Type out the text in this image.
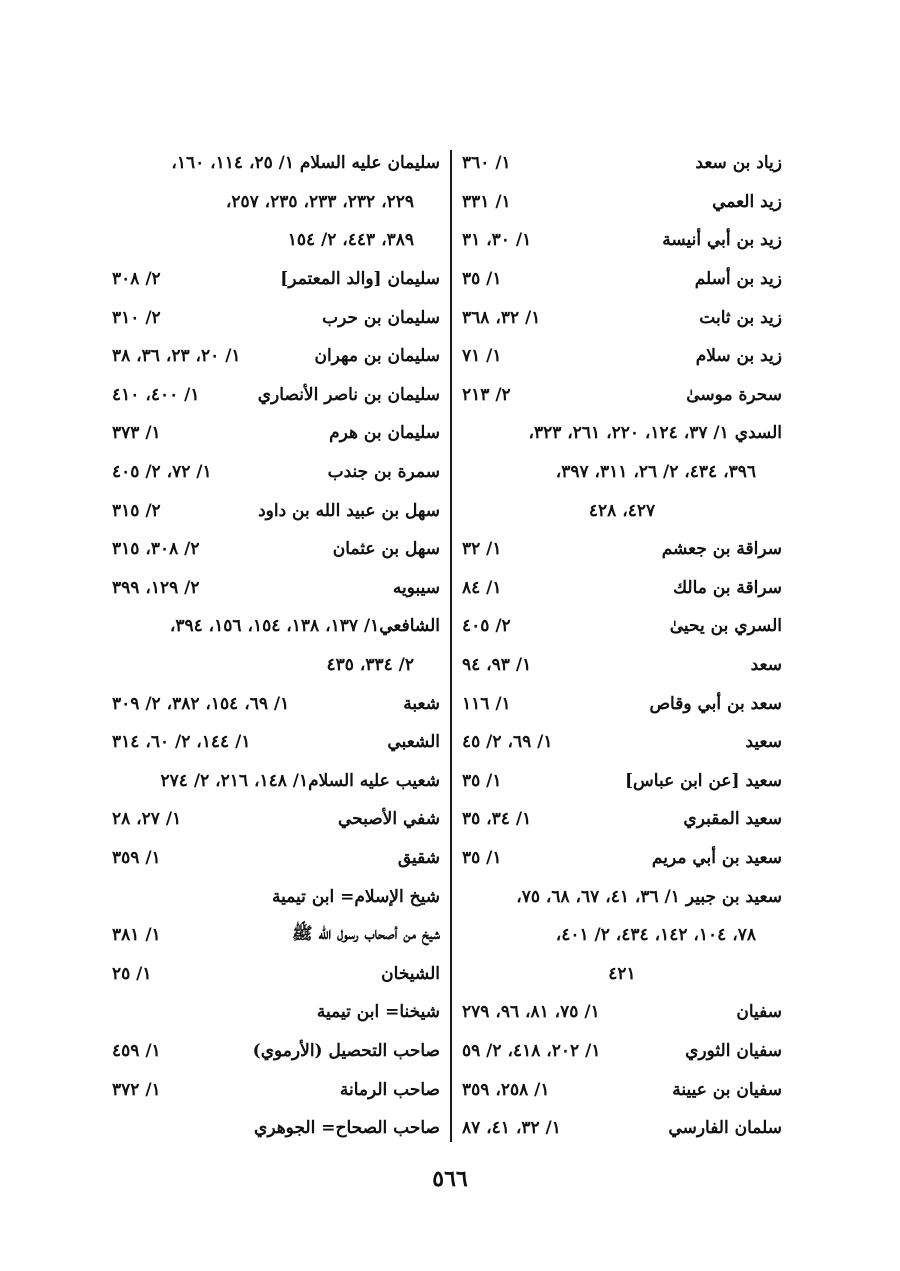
زياد بن سعد
١/ ٣٦٠
زيد العمي
١/ ٣٣١
زيد بن أبي أنيسة
١/ ٣٠، ٣١
زيد بن أسلم
١/ ٣٥
زيد بن ثابت
١/ ٣٢، ٣٦٨
زيد بن سلام
١/ ٧١
سحرة موسىٰ
٢/ ٢١٣
السدي ١/ ٣٧، ١٢٤، ٢٢٠، ٢٦١، ٣٢٣،
٣٩٦، ٤٣٤، ٢/ ٢٦، ٣١١، ٣٩٧،
٤٢٧، ٤٢٨
سراقة بن جعشم
١/ ٣٢
سراقة بن مالك
١/ ٨٤
السري بن يحيىٰ
٢/ ٤٠٥
سعد
١/ ٩٣، ٩٤
سعد بن أبي وقاص
١/ ١١٦
سعيد
١/ ٦٩، ٢/ ٤٥
سعيد [عن ابن عباس]
١/ ٣٥
سعيد المقبري
١/ ٣٤، ٣٥
سعيد بن أبي مريم
١/ ٣٥
سعيد بن جبير ١/ ٣٦، ٤١، ٦٧، ٦٨، ٧٥،
٧٨، ١٠٤، ١٤٢، ٤٣٤، ٢/ ٤٠١،
٤٢١
سفيان
١/ ٧٥، ٨١، ٩٦، ٢٧٩
سفيان الثوري
١/ ٢٠٢، ٤١٨، ٢/ ٥٩
سفيان بن عيينة
١/ ٢٥٨، ٣٥٩
سلمان الفارسي
١/ ٣٢، ٤١، ٨٧
سليمان عليه السلام ١/ ٢٥، ١١٤، ١٦٠،
٢٢٩، ٢٣٢، ٢٣٣، ٢٣٥، ٢٥٧،
٣٨٩، ٤٤٣، ٢/ ١٥٤
سليمان [والد المعتمر]
٢/ ٣٠٨
سليمان بن حرب
٢/ ٣١٠
سليمان بن مهران
١/ ٢٠، ٢٣، ٣٦، ٣٨
سليمان بن ناصر الأنصاري
١/ ٤٠٠، ٤١٠
سليمان بن هرم
١/ ٣٧٣
سمرة بن جندب
١/ ٧٢، ٢/ ٤٠٥
سهل بن عبيد الله بن داود
٢/ ٣١٥
سهل بن عثمان
٢/ ٣٠٨، ٣١٥
سيبويه
٢/ ١٢٩، ٣٩٩
الشافعي١/ ١٣٧، ١٣٨، ١٥٤، ١٥٦، ٣٩٤،
٢/ ٣٣٤، ٤٣٥
شعبة
١/ ٦٩، ١٥٤، ٣٨٢، ٢/ ٣٠٩
الشعبي
١/ ١٤٤، ٢/ ٦٠، ٣١٤
شعيب عليه السلام١/ ١٤٨، ٢١٦، ٢/ ٢٧٤
شفي الأصبحي
١/ ٢٧، ٢٨
شقيق
١/ ٣٥٩
شيخ الإسلام= ابن تيمية
شيخ من أصحاب رسول الله ﷺ
١/ ٣٨١
الشيخان
١/ ٢٥
شيخنا= ابن تيمية
صاحب التحصيل (الأرموي)
١/ ٤٥٩
صاحب الرمانة
١/ ٣٧٢
صاحب الصحاح= الجوهري
٥٦٦
